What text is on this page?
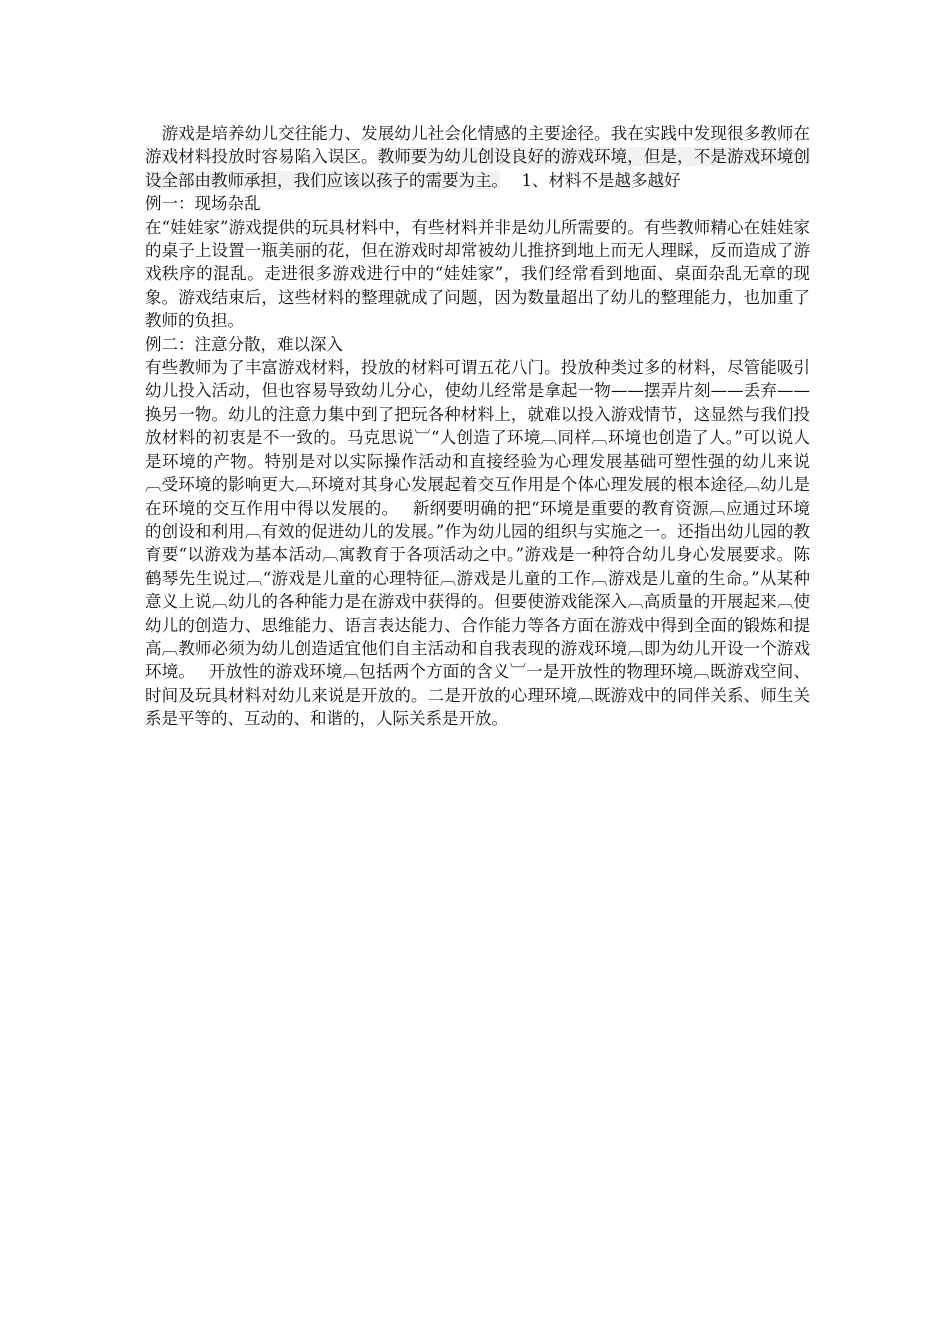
　游戏是培养幼儿交往能力、发展幼儿社会化情感的主要途径。我在实践中发现很多教师在游戏材料投放时容易陷入误区。教师要为幼儿创设良好的游戏环境，但是，不是游戏环境创设全部由教师承担，我们应该以孩子的需要为主。　 1、材料不是越多越好

例一：现场杂乱

在“娃娃家”游戏提供的玩具材料中，有些材料并非是幼儿所需要的。有些教师精心在娃娃家的桌子上设置一瓶美丽的花，但在游戏时却常被幼儿推挤到地上而无人理睬，反而造成了游戏秩序的混乱。走进很多游戏进行中的“娃娃家”，我们经常看到地面、桌面杂乱无章的现象。游戏结束后，这些材料的整理就成了问题，因为数量超出了幼儿的整理能力，也加重了教师的负担。

例二：注意分散，难以深入

有些教师为了丰富游戏材料，投放的材料可谓五花八门。投放种类过多的材料，尽管能吸引幼儿投入活动，但也容易导致幼儿分心，使幼儿经常是拿起一物——摆弄片刻——丢弃——换另一物。幼儿的注意力集中到了把玩各种材料上，就难以投入游戏情节，这显然与我们投放材料的初衷是不一致的。马克思说︺“人创造了环境︹同样︹环境也创造了人。”可以说人是环境的产物。特别是对以实际操作活动和直接经验为心理发展基础可塑性强的幼儿来说︹受环境的影响更大︹环境对其身心发展起着交互作用是个体心理发展的根本途径︹幼儿是在环境的交互作用中得以发展的。　 新纲要明确的把“环境是重要的教育资源︹应通过环境的创设和利用︹有效的促进幼儿的发展。”作为幼儿园的组织与实施之一。还指出幼儿园的教育要“以游戏为基本活动︹寓教育于各项活动之中。”游戏是一种符合幼儿身心发展要求。陈鹤琴先生说过︹“游戏是儿童的心理特征︹游戏是儿童的工作︹游戏是儿童的生命。”从某种意义上说︹幼儿的各种能力是在游戏中获得的。但要使游戏能深入︹高质量的开展起来︹使幼儿的创造力、思维能力、语言表达能力、合作能力等各方面在游戏中得到全面的锻炼和提高︹教师必须为幼儿创造适宜他们自主活动和自我表现的游戏环境︹即为幼儿开设一个游戏环境。　 开放性的游戏环境︹包括两个方面的含义︺一是开放性的物理环境︹既游戏空间、时间及玩具材料对幼儿来说是开放的。二是开放的心理环境︹既游戏中的同伴关系、师生关系是平等的、互动的、和谐的，人际关系是开放。
